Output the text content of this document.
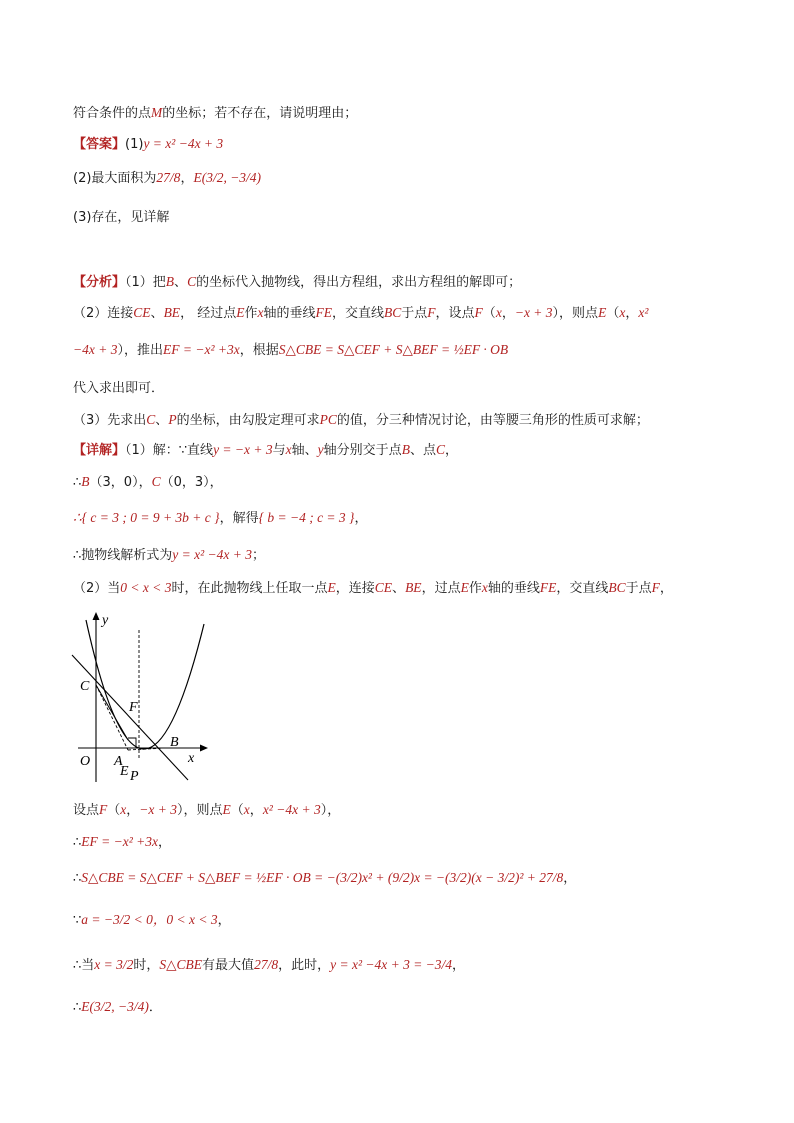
符合条件的点M的坐标；若不存在，请说明理由；
【答案】(1)y = x² −4x + 3
(2)最大面积为27/8，E(3/2, −3/4)
(3)存在，见详解
【分析】（1）把B、C的坐标代入抛物线，得出方程组，求出方程组的解即可；
（2）连接CE、BE， 经过点E作x轴的垂线FE，交直线BC于点F，设点F（x，−x + 3），则点E（x，x²
−4x + 3），推出EF = −x² +3x，根据S△CBE = S△CEF + S△BEF = ½EF · OB
代入求出即可．
（3）先求出C、P的坐标，由勾股定理可求PC的值，分三种情况讨论，由等腰三角形的性质可求解；
【详解】（1）解：∵直线y = −x + 3与x轴、y轴分别交于点B、点C，
∴B（3，0），C（0，3），
∴{ c = 3 ; 0 = 9 + 3b + c }，解得{ b = −4 ; c = 3 }，
∴抛物线解析式为y = x² −4x + 3；
（2）当0 < x < 3时，在此抛物线上任取一点E，连接CE、BE，过点E作x轴的垂线FE，交直线BC于点F，
设点F（x，−x + 3），则点E（x，x² −4x + 3），
∴EF = −x² +3x，
∴S△CBE = S△CEF + S△BEF = ½EF · OB = −(3/2)x² + (9/2)x = −(3/2)(x − 3/2)² + 27/8，
∵a = −3/2 < 0，0 < x < 3，
∴当x = 3/2时，S△CBE有最大值27/8，此时，y = x² −4x + 3 = −3/4，
∴E(3/2, −3/4)．
y
C
F
B
O A
E P
x
